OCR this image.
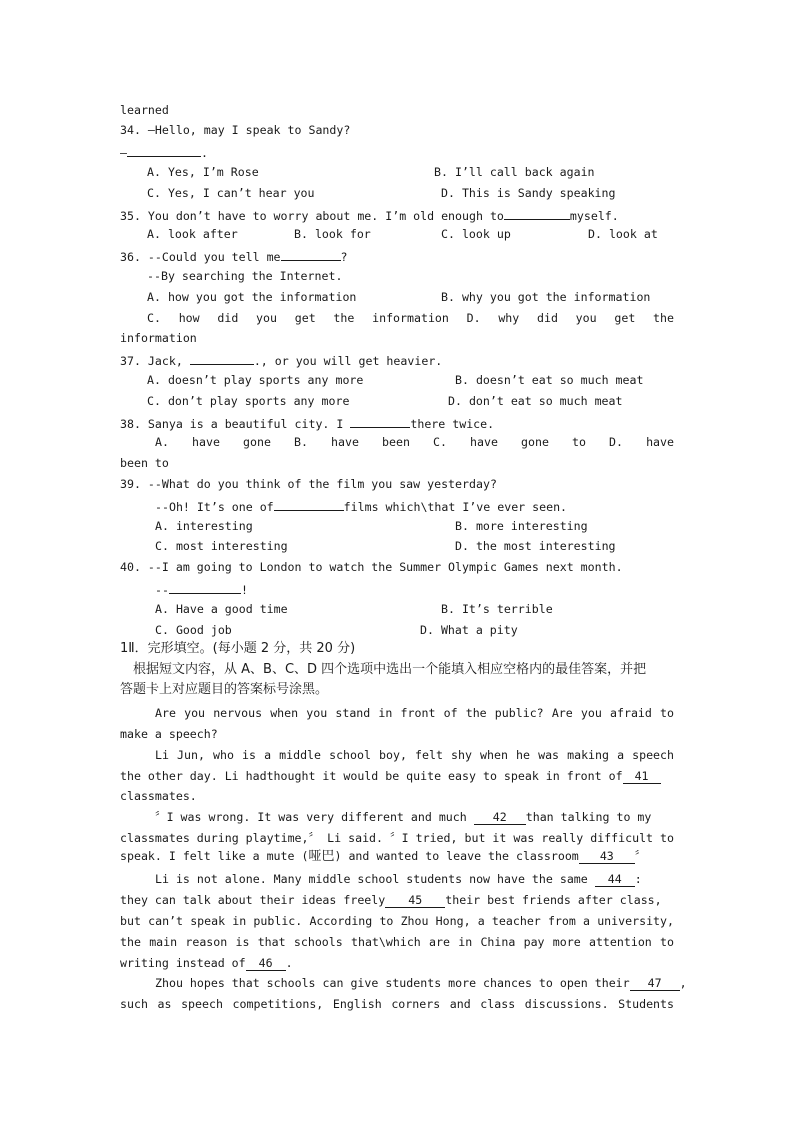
learned
34. —Hello, may I speak to Sandy?
—	.
A. Yes, I’m Rose	B. I’ll call back again
C. Yes, I can’t hear you	D. This is Sandy speaking
35. You don’t have to worry about me. I’m old enough to	myself.
A. look after	B. look for	C. look up	D. look at
36. --Could you tell me	?
--By searching the Internet.
A. how you got the information	B. why you got the information
C. how did you get the information D. why did you get the
information
37. Jack,	., or you will get heavier.
A. doesn’t play sports any more	B. doesn’t eat so much meat
C. don’t play sports any more	D. don’t eat so much meat
38. Sanya is a beautiful city. I	there twice.
A. have gone B. have been C. have gone to D. have
been to
39. --What do you think of the film you saw yesterday?
--Oh! It’s one of	films which\that I’ve ever seen.
A. interesting	B. more interesting
C. most interesting	D. the most interesting
40. --I am going to London to watch the Summer Olympic Games next month.
--	!
A. Have a good time	B. It’s terrible
C. Good job	D. What a pity
1Ⅱ．完形填空。(每小题 2 分，共 20 分)
根据短文内容，从 A、B、C、D 四个选项中选出一个能填入相应空格内的最佳答案，并把
答题卡上对应题目的答案标号涂黑。
Are you nervous when you stand in front of the public? Are you afraid to
make a speech?
Li Jun, who is a middle school boy, felt shy when he was making a speech
the other day. Li hadthought it would be quite easy to speak in front of 41
classmates.
〞I was wrong. It was very different and much 42 than talking to my
classmates during playtime,〞 Li said. 〞I tried, but it was really difficult to
speak. I felt like a mute (哑巴) and wanted to leave the classroom 43 〞
Li is not alone. Many middle school students now have the same 44 :
they can talk about their ideas freely 45 their best friends after class,
but can’t speak in public. According to Zhou Hong, a teacher from a university,
the main reason is that schools that\which are in China pay more attention to
writing instead of 46 .
Zhou hopes that schools can give students more chances to open their 47 ,
such as speech competitions, English corners and class discussions. Students
